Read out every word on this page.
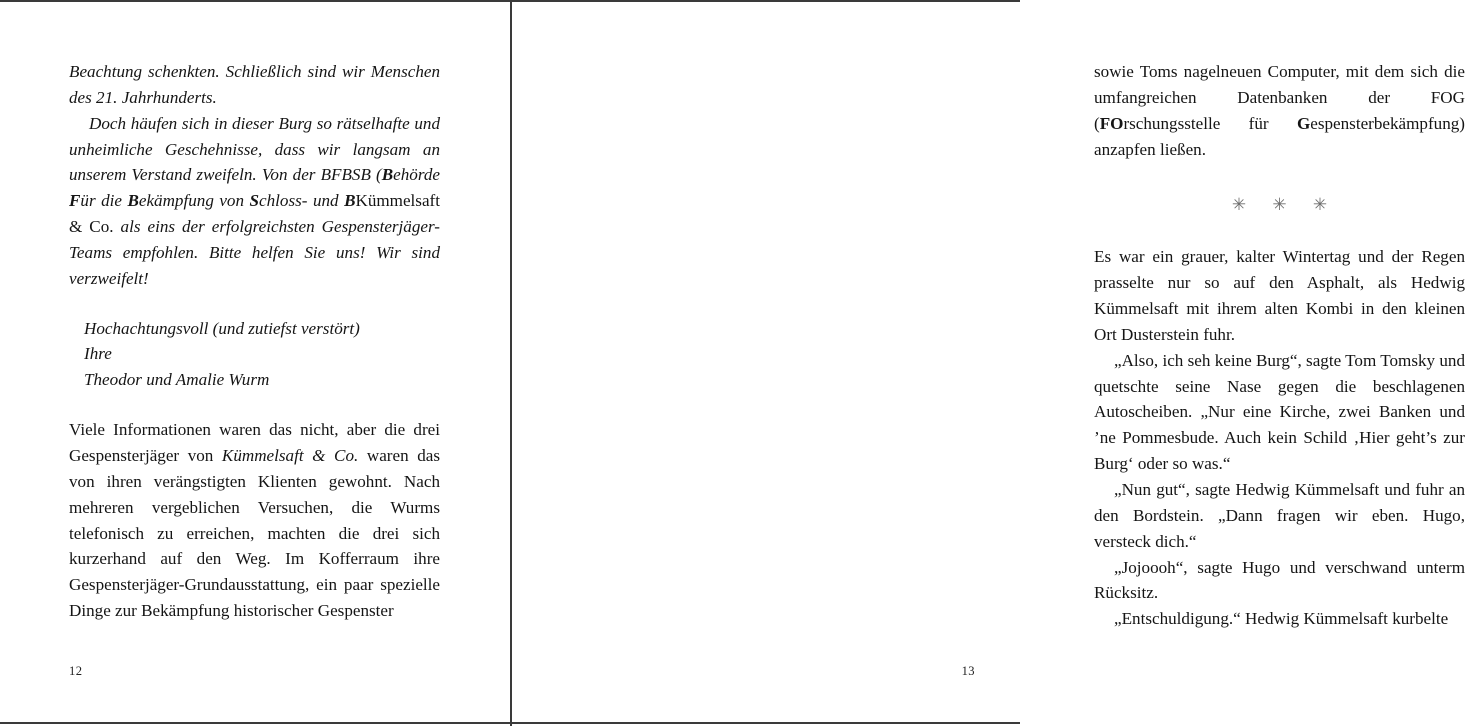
Beachtung schenkten. Schließlich sind wir Menschen des 21. Jahrhunderts.

Doch häufen sich in dieser Burg so rätselhafte und unheimliche Geschehnisse, dass wir langsam an unserem Verstand zweifeln. Von der BFBSB (Behörde Für die Bekämpfung von Schloss- und BKümmelsaft & Co. als eins der erfolgreichsten Gespensterjäger-Teams empfohlen. Bitte helfen Sie uns! Wir sind verzweifelt!

Hochachtungsvoll (und zutiefst verstört)

Ihre

Theodor und Amalie Wurm

Viele Informationen waren das nicht, aber die drei Gespensterjäger von Kümmelsaft & Co. waren das von ihren verängstigten Klienten gewohnt. Nach mehreren vergeblichen Versuchen, die Wurms telefonisch zu erreichen, machten die drei sich kurzerhand auf den Weg. Im Kofferraum ihre Gespensterjäger-Grundausstattung, ein paar spezielle Dinge zur Bekämpfung historischer Gespenster

12

sowie Toms nagelneuen Computer, mit dem sich die umfangreichen Datenbanken der FOG (FOrschungsstelle für Gespensterbekämpfung) anzapfen ließen.

✳ ✳ ✳

Es war ein grauer, kalter Wintertag und der Regen prasselte nur so auf den Asphalt, als Hedwig Kümmelsaft mit ihrem alten Kombi in den kleinen Ort Dusterstein fuhr.

„Also, ich seh keine Burg“, sagte Tom Tomsky und quetschte seine Nase gegen die beschlagenen Autoscheiben. „Nur eine Kirche, zwei Banken und ’ne Pommesbude. Auch kein Schild ‚Hier geht’s zur Burg‘ oder so was.“

„Nun gut“, sagte Hedwig Kümmelsaft und fuhr an den Bordstein. „Dann fragen wir eben. Hugo, versteck dich.“

„Jojoooh“, sagte Hugo und verschwand unterm Rücksitz.

„Entschuldigung.“ Hedwig Kümmelsaft kurbelte

13
